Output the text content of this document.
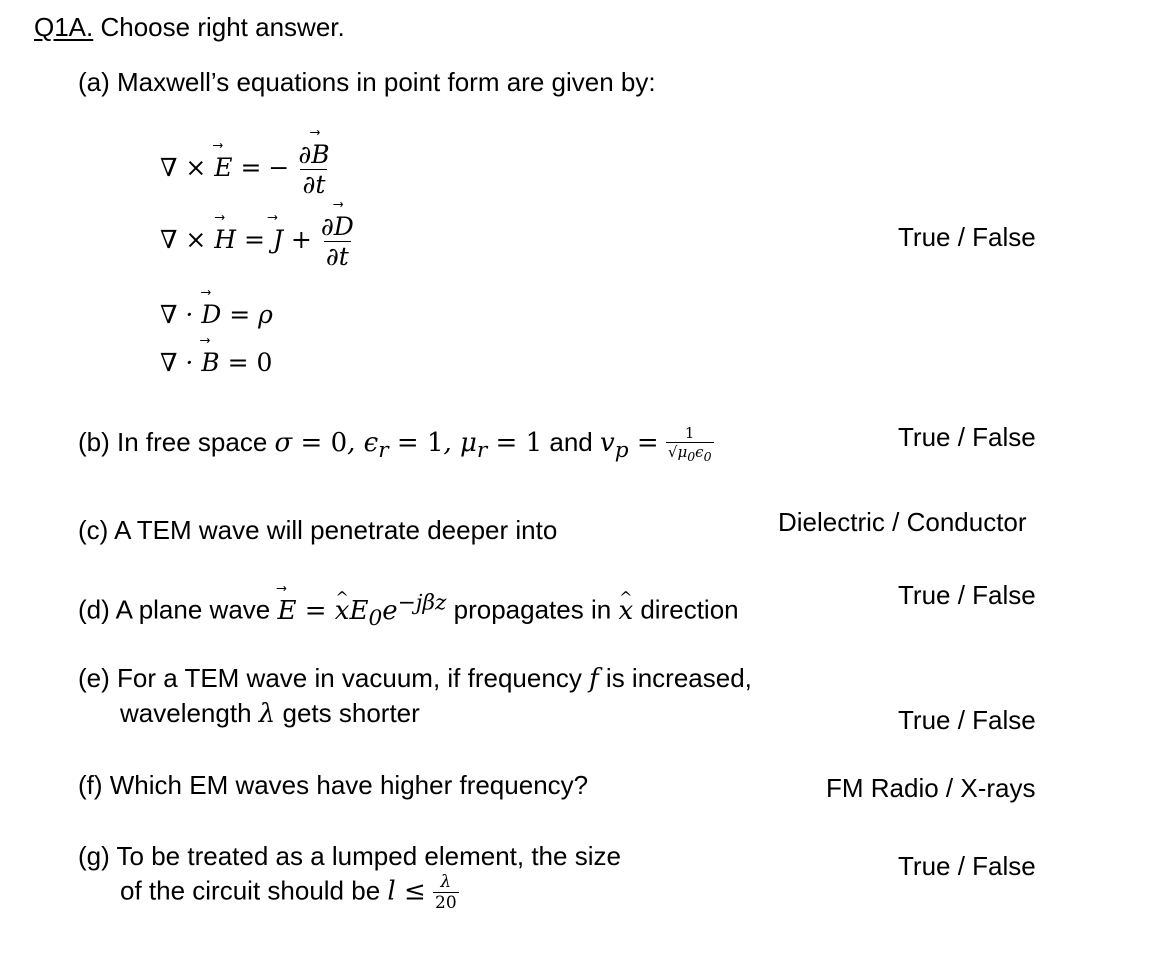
Q1A. Choose right answer.
(a) Maxwell’s equations in point form are given by:
∇ × ⃗ E = − $\frac{\partial⃗ B}{\partial t}$
∇ × ⃗ H = ⃗ $J + \frac{\partial⃗ D}{\partial t}$
∇ · ⃗ D = ρ
∇ · ⃗ B = 0
True / False
(b) In free space σ = 0, $\epsilon_r = 1$, $\mu_r = 1$ and $v_p = \frac{1}{√\mu_0\epsilon_0}$	True / False
(c) A TEM wave will penetrate deeper into	Dielectric / Conductor
(d) A plane wave ⃗ E = ^ $xE_0e^{-j\beta z}$ propagates in ^ x direction	True / False
(e) For a TEM wave in vacuum, if frequency f is increased,
wavelength λ gets shorter	True / False
(f) Which EM waves have higher frequency?	FM Radio / X-rays
(g) To be treated as a lumped element, the size
of the circuit should be $l \le \frac{\lambda}{20}$
True / False
